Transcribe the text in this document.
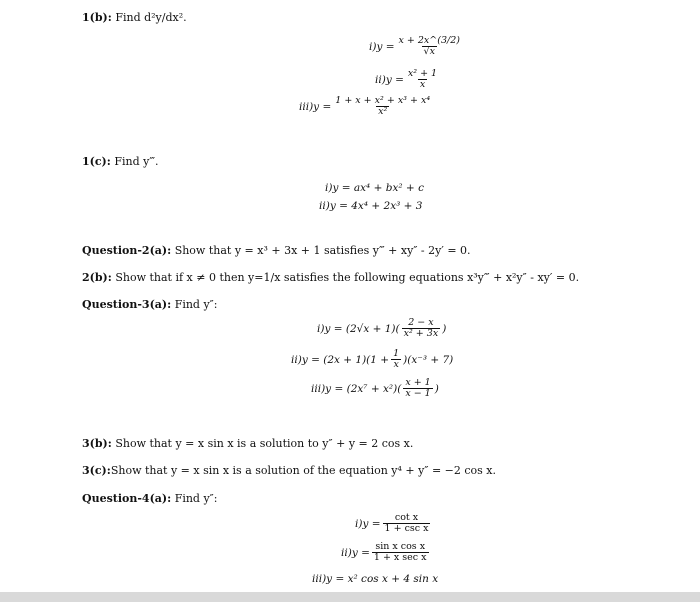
1(b): Find d²y/dx².
$i)y = \frac{x + 2x\^{}(3/2)}{√x}$
$ii)y = \frac{\text{x² + 1}}{x}$
$iii)y = \frac{\text{1 + x + x² + x³ + x⁴}}{\text{x²}}$
1(c): Find y‴.
i)y =
ax⁴ + bx² + c
ii)y =
4x⁴ + 2x³ + 3
Question-2(a): Show that y = x³ + 3x + 1 satisfies y‴ + xy″ - 2y′ = 0.
2(b): Show that if x ≠ 0 then y=1/x satisfies the following equations x³y‴ + x²y″ - xy′ = 0.
Question-3(a): Find y″:
i)y =
$(2√x + 1)( \frac{2 - x}{\text{x² + 3x}}$ )
ii)y =
$(2x + 1)(1 + \frac{1}{x} )(x^{-3} + 7)$
iii)y =
$(2x^7 + x^2)( \frac{x + 1}{x - 1}$ )
3(b): Show that y = x sin x is a solution to y″ + y = 2 cos x.
3(c):Show that y = x sin x is a solution of the equation y⁴ + y″ = −2 cos x.
Question-4(a): Find y″:
$i)y = \frac{\text{cot x}}{\text{1 + csc x}}$
$ii)y = \frac{\text{sin x cos x}}{\text{1 + x sec x}}$
iii)y =
x² cos x + 4 sin x
